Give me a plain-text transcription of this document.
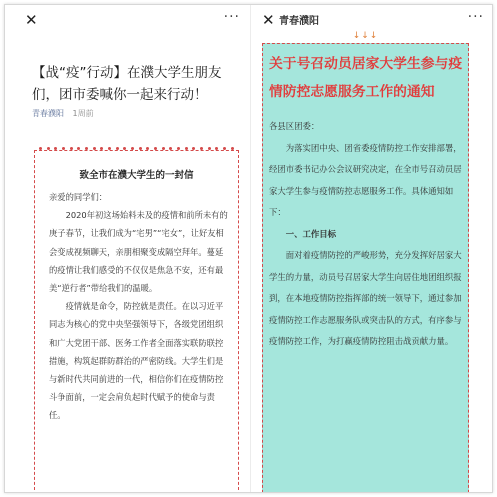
✕	···
【战“疫”行动】在濮大学生朋友们，团市委喊你一起来行动！
青春濮阳 1周前
致全市在濮大学生的一封信

亲爱的同学们：

2020年初这场始料未及的疫情和前所未有的庚子春节，让我们成为“宅男”“宅女”，让好友相会变成视频聊天，亲朋相聚变成隔空拜年。蔓延的疫情让我们感受的不仅仅是焦急不安，还有最美“逆行者”带给我们的温暖。

疫情就是命令，防控就是责任。在以习近平同志为核心的党中央坚强领导下，各级党团组织和广大党团干部、医务工作者全面落实联防联控措施，构筑起群防群治的严密防线。大学生们是与新时代共同前进的一代，相信你们在疫情防控斗争面前，一定会肩负起时代赋予的使命与责任。

✕ 青春濮阳	···
↓↓↓
关于号召动员居家大学生参与疫情防控志愿服务工作的通知

各县区团委：

为落实团中央、团省委疫情防控工作安排部署，经团市委书记办公会议研究决定，在全市号召动员居家大学生参与疫情防控志愿服务工作。具体通知如下：

一、工作目标

面对着疫情防控的严峻形势，充分发挥好居家大学生的力量，动员号召居家大学生向居住地团组织报到，在本地疫情防控指挥部的统一领导下，通过参加疫情防控工作志愿服务队或突击队的方式，有序参与疫情防控工作，为打赢疫情防控阻击战贡献力量。
